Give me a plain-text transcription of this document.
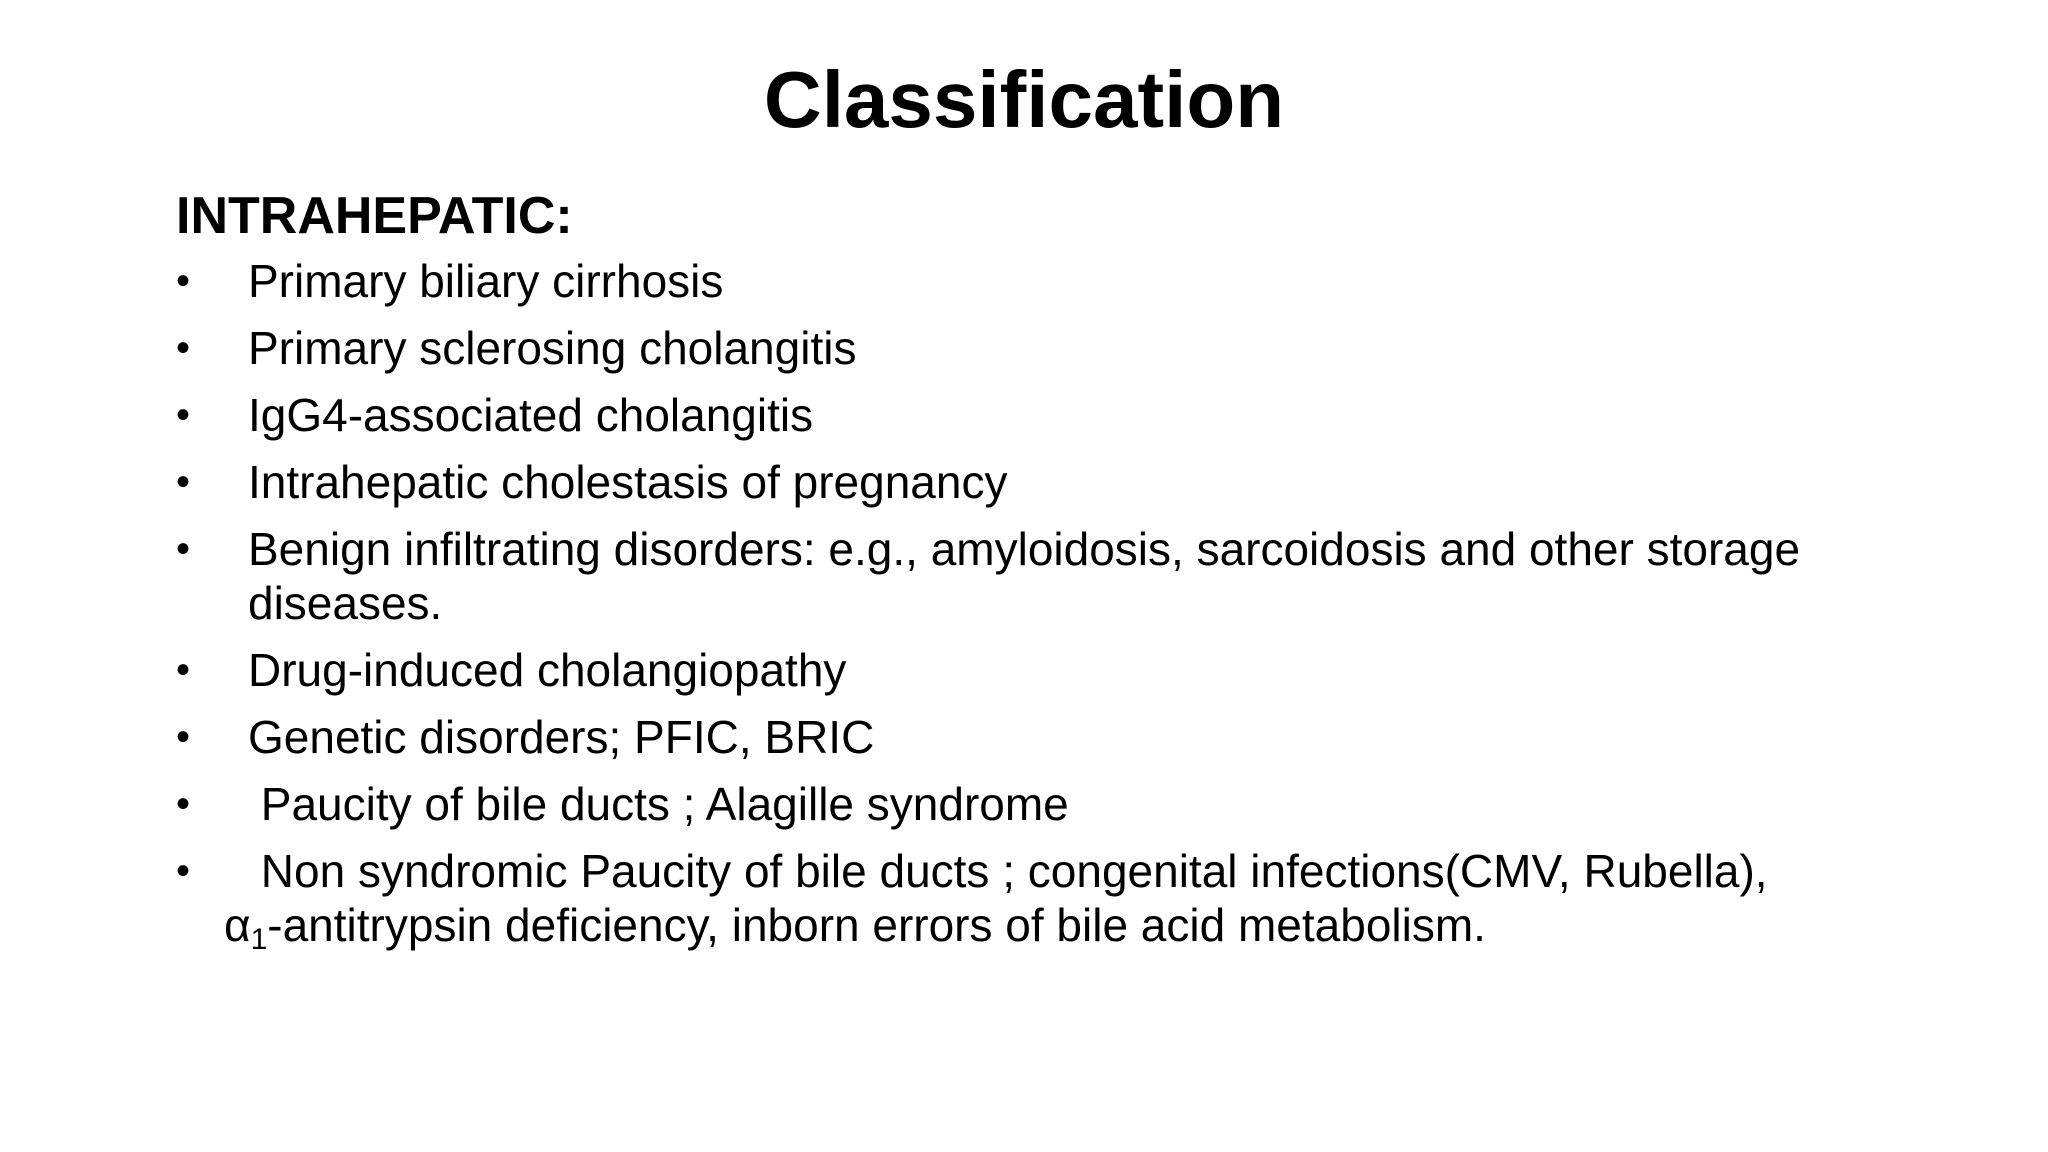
Classification
INTRAHEPATIC:
•	Primary biliary cirrhosis
•	Primary sclerosing cholangitis
•	IgG4-associated cholangitis
•	Intrahepatic cholestasis of pregnancy
•	Benign infiltrating disorders: e.g., amyloidosis, sarcoidosis and other storage diseases.
•	Drug-induced cholangiopathy
•	Genetic disorders; PFIC, BRIC
•	Paucity of bile ducts ; Alagille syndrome
•	Non syndromic Paucity of bile ducts ; congenital infections(CMV, Rubella),
$\alpha_1$-antitrypsin deficiency, inborn errors of bile acid metabolism.
